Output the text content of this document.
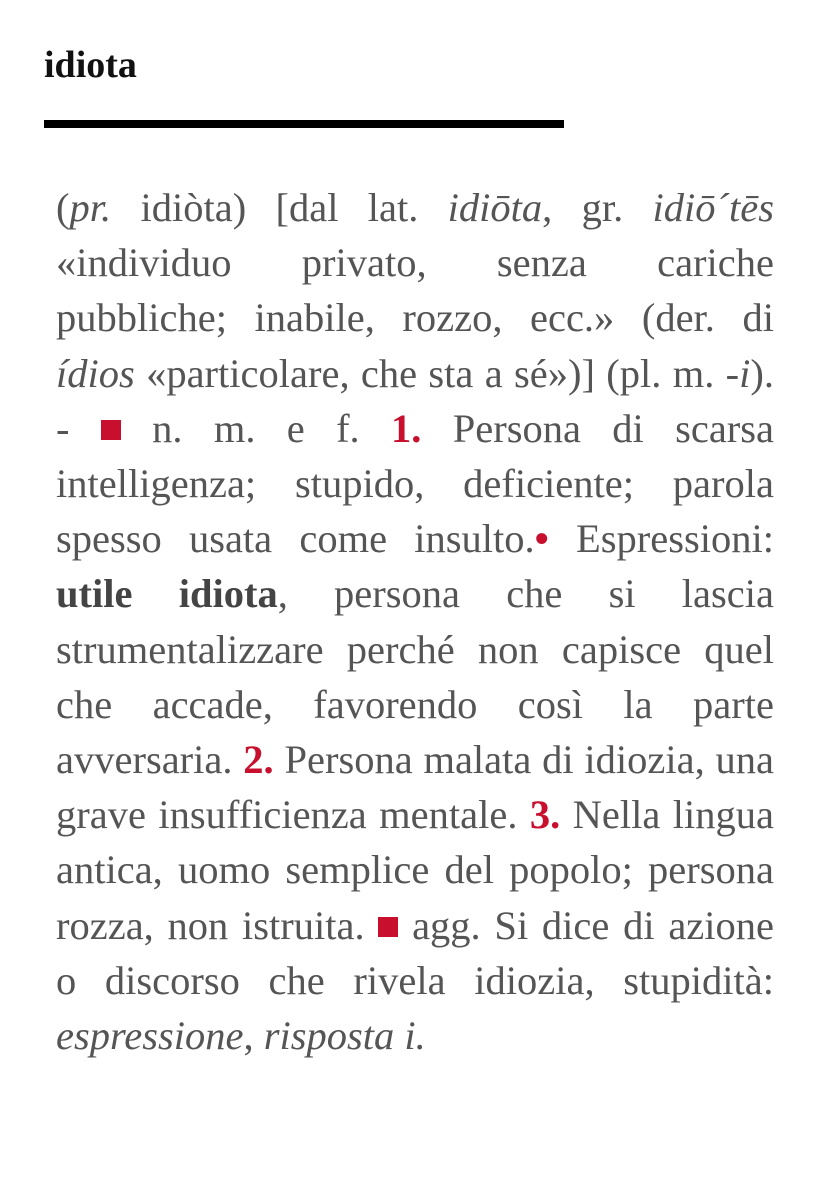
idiota

(pr. idiòta) [dal lat. idiōta, gr. idiō´tēs «individuo privato, senza cariche pubbliche; inabile, rozzo, ecc.» (der. di ídios «particolare, che sta a sé»)] (pl. m. -i). -  n. m. e f. 1. Persona di scarsa intelligenza; stupido, deficiente; parola spesso usata come insulto.• Espressioni: utile idiota, persona che si lascia strumentalizzare perché non capisce quel che accade, favorendo così la parte avversaria. 2. Persona malata di idiozia, una grave insufficienza mentale. 3. Nella lingua antica, uomo semplice del popolo; persona rozza, non istruita. agg. Si dice di azione o discorso che rivela idiozia, stupidità: espressione, risposta i.
